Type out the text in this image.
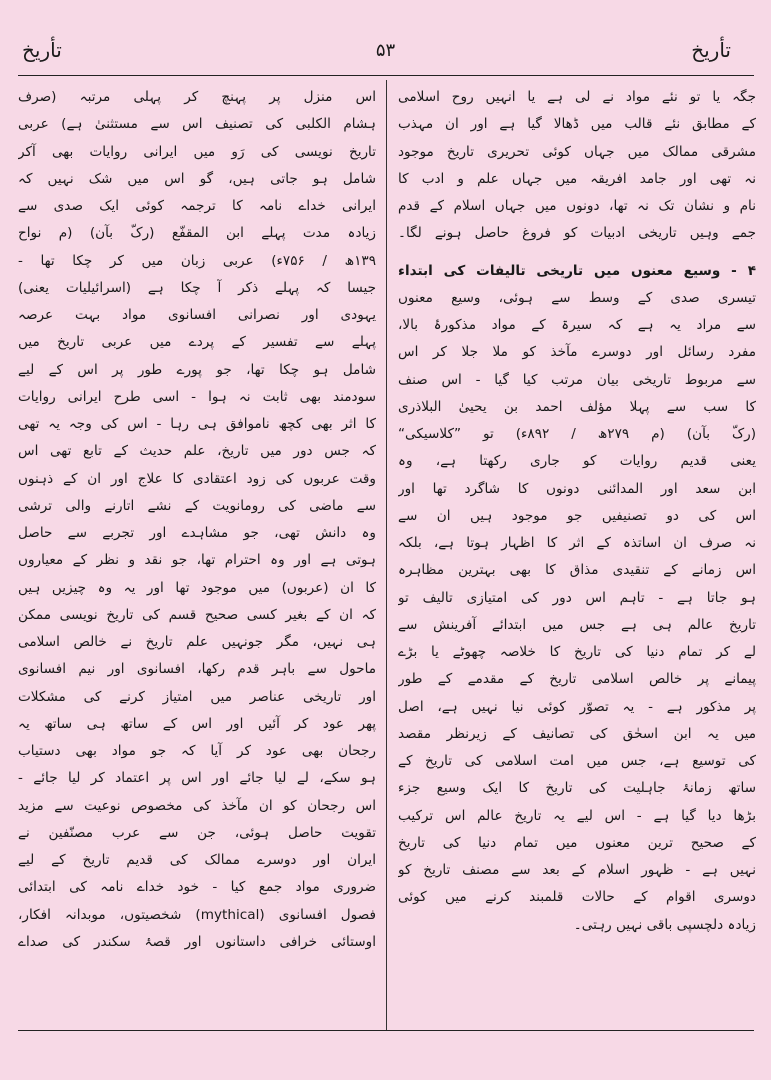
تأريخ
۵۳
تأريخ
جگہ یا تو نئے مواد نے لی ہے یا انہیں روح اسلامی
کے مطابق نئے قالب میں ڈھالا گیا ہے اور ان مہذب
مشرقی ممالک میں جہاں کوئی تحریری تاریخ موجود
نہ تھی اور جامد افریقہ میں جہاں علم و ادب کا
نام و نشان تک نہ تھا، دونوں میں جہاں اسلام کے قدم
جمے وہیں تاریخی ادبیات کو فروغ حاصل ہونے لگا۔
۴ - وسیع معنوں میں تاریخی تالیفات کی ابتداء
تیسری صدی کے وسط سے ہوئی، وسیع معنوں
سے مراد یہ ہے کہ سیرۃ کے مواد مذکورۂ بالا،
مفرد رسائل اور دوسرے مآخذ کو ملا جلا کر اس
سے مربوط تاریخی بیان مرتب کیا گیا - اس صنف
کا سب سے پہلا مؤلف احمد بن یحییٰ البلاذری
(رکّ بآن) (م ۲۷۹ھ / ۸۹۲ء) تو ”کلاسیکی“
یعنی قدیم روایات کو جاری رکھتا ہے، وہ
ابن سعد اور المدائنی دونوں کا شاگرد تھا اور
اس کی دو تصنیفیں جو موجود ہیں ان سے
نہ صرف ان اساتذہ کے اثر کا اظہار ہوتا ہے، بلکہ
اس زمانے کے تنقیدی مذاق کا بھی بہترین مظاہرہ
ہو جاتا ہے - تاہم اس دور کی امتیازی تالیف تو
تاریخ عالم ہی ہے جس میں ابتدائے آفرینش سے
لے کر تمام دنیا کی تاریخ کا خلاصہ چھوٹے یا بڑے
پیمانے پر خالص اسلامی تاریخ کے مقدمے کے طور
پر مذکور ہے - یہ تصوّر کوئی نیا نہیں ہے، اصل
میں یہ ابن اسحٰق کی تصانیف کے زیرنظر مقصد
کی توسیع ہے، جس میں امت اسلامی کی تاریخ کے
ساتھ زمانۂ جاہلیت کی تاریخ کا ایک وسیع جزء
بڑھا دیا گیا ہے - اس لیے یہ تاریخ عالم اس ترکیب
کے صحیح ترین معنوں میں تمام دنیا کی تاریخ
نہیں ہے - ظہور اسلام کے بعد سے مصنف تاریخ کو
دوسری اقوام کے حالات قلمبند کرنے میں کوئی
زیادہ دلچسپی باقی نہیں رہتی۔
اس منزل پر پہنچ کر پہلی مرتبہ (صرف
ہشام الکلبی کی تصنیف اس سے مستثنیٰ ہے) عربی
تاریخ نویسی کی رَو میں ایرانی روایات بھی آکر
شامل ہو جاتی ہیں، گو اس میں شک نہیں کہ
ایرانی خداے نامہ کا ترجمہ کوئی ایک صدی سے
زیادہ مدت پہلے ابن المقفّع (رکّ بآن) (م نواح
۱۳۹ھ / ۷۵۶ء) عربی زبان میں کر چکا تھا -
جیسا کہ پہلے ذکر آ چکا ہے (اسرائیلیات یعنی)
یہودی اور نصرانی افسانوی مواد بہت عرصہ
پہلے سے تفسیر کے پردے میں عربی تاریخ میں
شامل ہو چکا تھا، جو پورے طور پر اس کے لیے
سودمند بھی ثابت نہ ہوا - اسی طرح ایرانی روایات
کا اثر بھی کچھ ناموافق ہی رہا - اس کی وجہ یہ تھی
کہ جس دور میں تاریخ، علم حدیث کے تابع تھی اس
وقت عربوں کی زود اعتقادی کا علاج اور ان کے ذہنوں
سے ماضی کی رومانویت کے نشے اتارنے والی ترشی
وہ دانش تھی، جو مشاہدے اور تجربے سے حاصل
ہوتی ہے اور وہ احترام تھا، جو نقد و نظر کے معیاروں
کا ان (عربوں) میں موجود تھا اور یہ وہ چیزیں ہیں
کہ ان کے بغیر کسی صحیح قسم کی تاریخ نویسی ممکن
ہی نہیں، مگر جونہیں علم تاریخ نے خالص اسلامی
ماحول سے باہر قدم رکھا، افسانوی اور نیم افسانوی
اور تاریخی عناصر میں امتیاز کرنے کی مشکلات
پھر عود کر آئیں اور اس کے ساتھ ہی ساتھ یہ
رجحان بھی عود کر آیا کہ جو مواد بھی دستیاب
ہو سکے، لے لیا جائے اور اس پر اعتماد کر لیا جائے -
اس رجحان کو ان مآخذ کی مخصوص نوعیت سے مزید
تقویت حاصل ہوئی، جن سے عرب مصنّفین نے
ایران اور دوسرے ممالک کی قدیم تاریخ کے لیے
ضروری مواد جمع کیا - خود خداے نامہ کی ابتدائی
فصول افسانوی (mythical) شخصیتوں، موبدانہ افکار،
اوستائی خرافی داستانوں اور قصۂ سکندر کی صداے
